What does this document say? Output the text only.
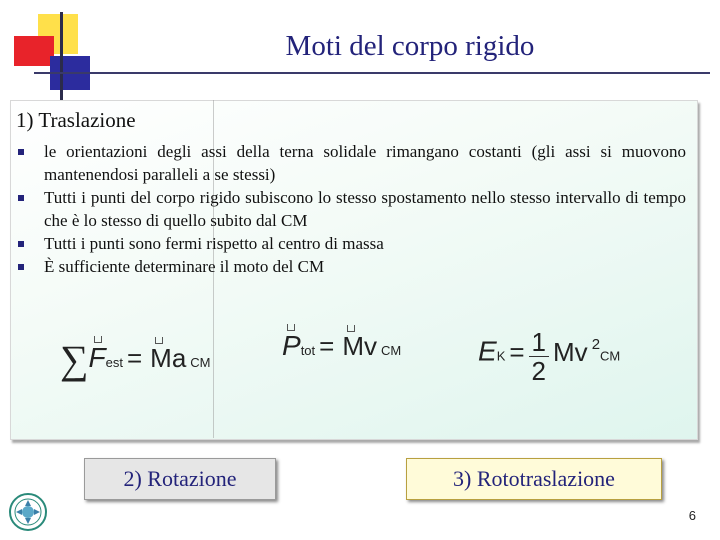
Moti del corpo rigido
1) Traslazione
le orientazioni degli assi della terna solidale rimangano costanti (gli assi si muovono mantenendosi paralleli a se stessi)
Tutti i punti del corpo rigido subiscono lo stesso spostamento nello stesso intervallo di tempo che è lo stesso di quello subito dal CM
Tutti i punti sono fermi rispetto al centro di massa
È sufficiente determinare il moto del CM
∑Fest = Ma CM
Ptot = Mv CM	EK = $\frac{1}{2}$ Mv 2CM
2) Rotazione	3) Rototraslazione
6
